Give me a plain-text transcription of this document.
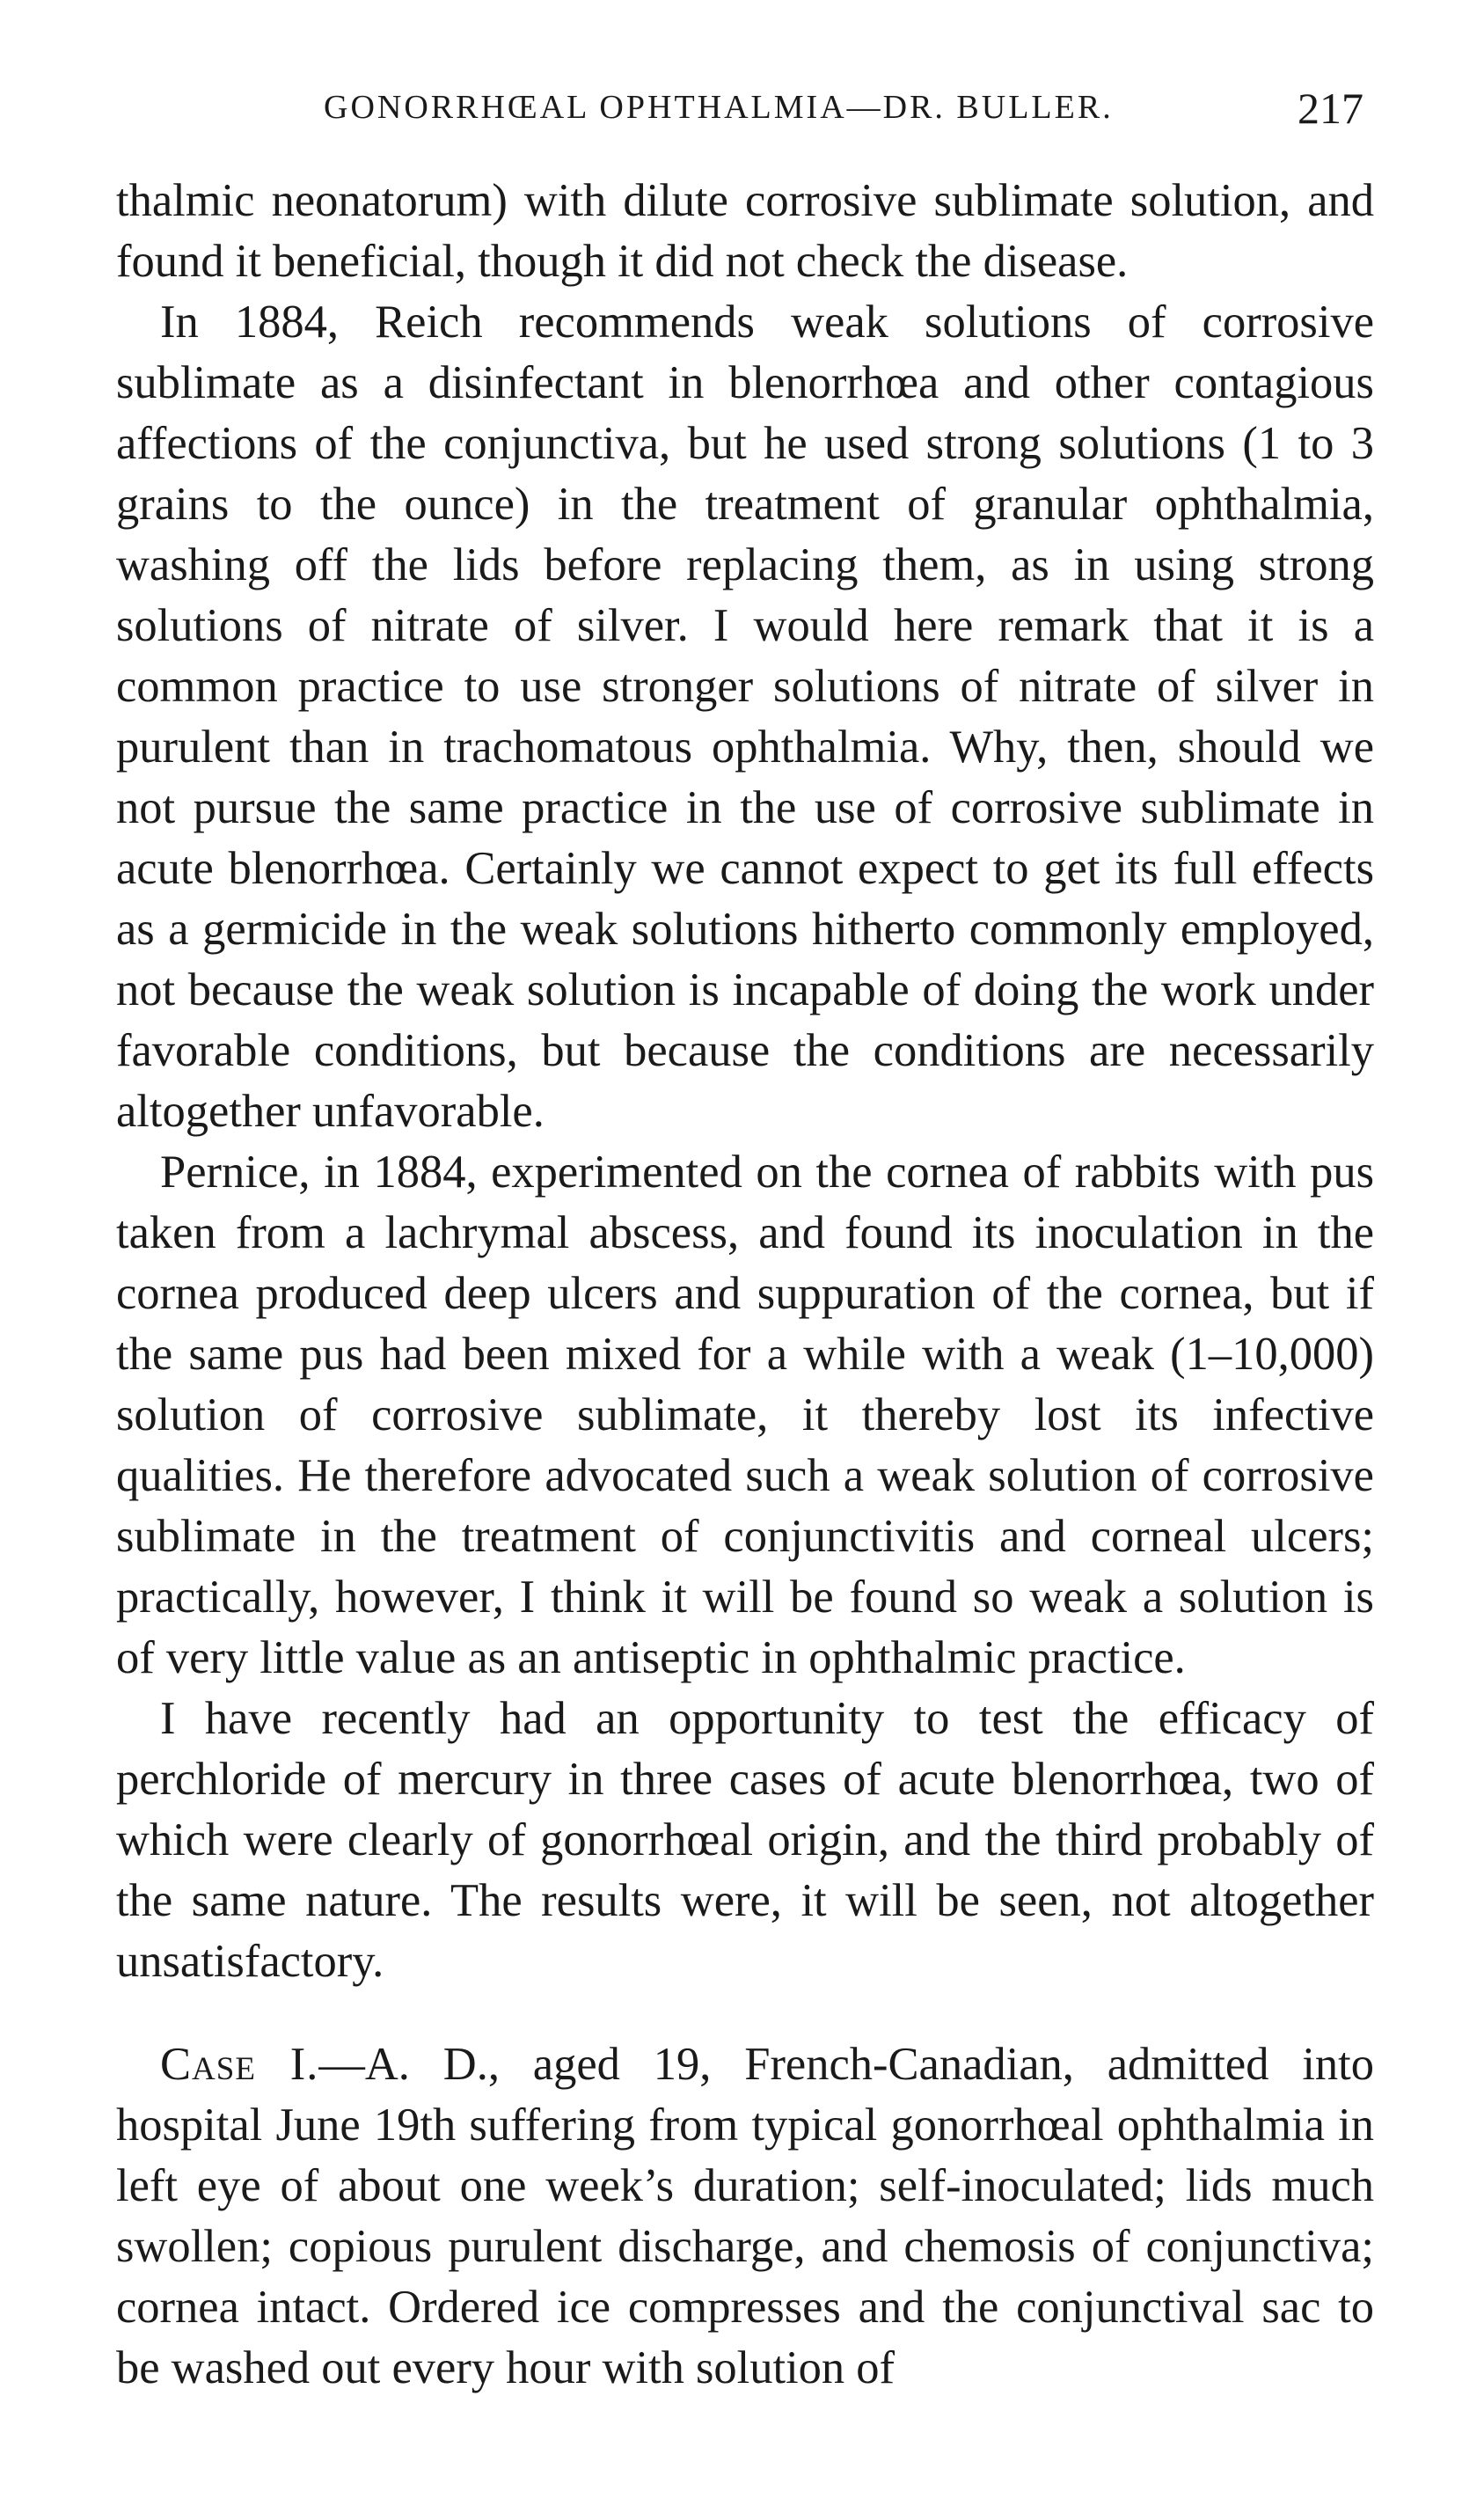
GONORRHŒAL OPHTHALMIA—DR. BULLER.	217

thalmic neonatorum) with dilute corrosive sublimate solution, and found it beneficial, though it did not check the disease.

In 1884, Reich recommends weak solutions of corrosive sublimate as a disinfectant in blenorrhœa and other contagious affections of the conjunctiva, but he used strong solutions (1 to 3 grains to the ounce) in the treatment of granular ophthalmia, washing off the lids before replacing them, as in using strong solutions of nitrate of silver. I would here remark that it is a common practice to use stronger solutions of nitrate of silver in purulent than in trachomatous ophthalmia. Why, then, should we not pursue the same practice in the use of corrosive sublimate in acute blenorrhœa. Certainly we cannot expect to get its full effects as a germicide in the weak solutions hitherto commonly employed, not because the weak solution is incapable of doing the work under favorable conditions, but because the conditions are necessarily altogether unfavorable.

Pernice, in 1884, experimented on the cornea of rabbits with pus taken from a lachrymal abscess, and found its inoculation in the cornea produced deep ulcers and suppuration of the cornea, but if the same pus had been mixed for a while with a weak (1–10,000) solution of corrosive sublimate, it thereby lost its infective qualities. He therefore advocated such a weak solution of corrosive sublimate in the treatment of conjunctivitis and corneal ulcers; practically, however, I think it will be found so weak a solution is of very little value as an antiseptic in ophthalmic practice.

I have recently had an opportunity to test the efficacy of perchloride of mercury in three cases of acute blenorrhœa, two of which were clearly of gonorrhœal origin, and the third probably of the same nature. The results were, it will be seen, not altogether unsatisfactory.

Case I.—A. D., aged 19, French-Canadian, admitted into hospital June 19th suffering from typical gonorrhœal ophthalmia in left eye of about one week’s duration; self-inoculated; lids much swollen; copious purulent discharge, and chemosis of conjunctiva; cornea intact. Ordered ice compresses and the conjunctival sac to be washed out every hour with solution of
